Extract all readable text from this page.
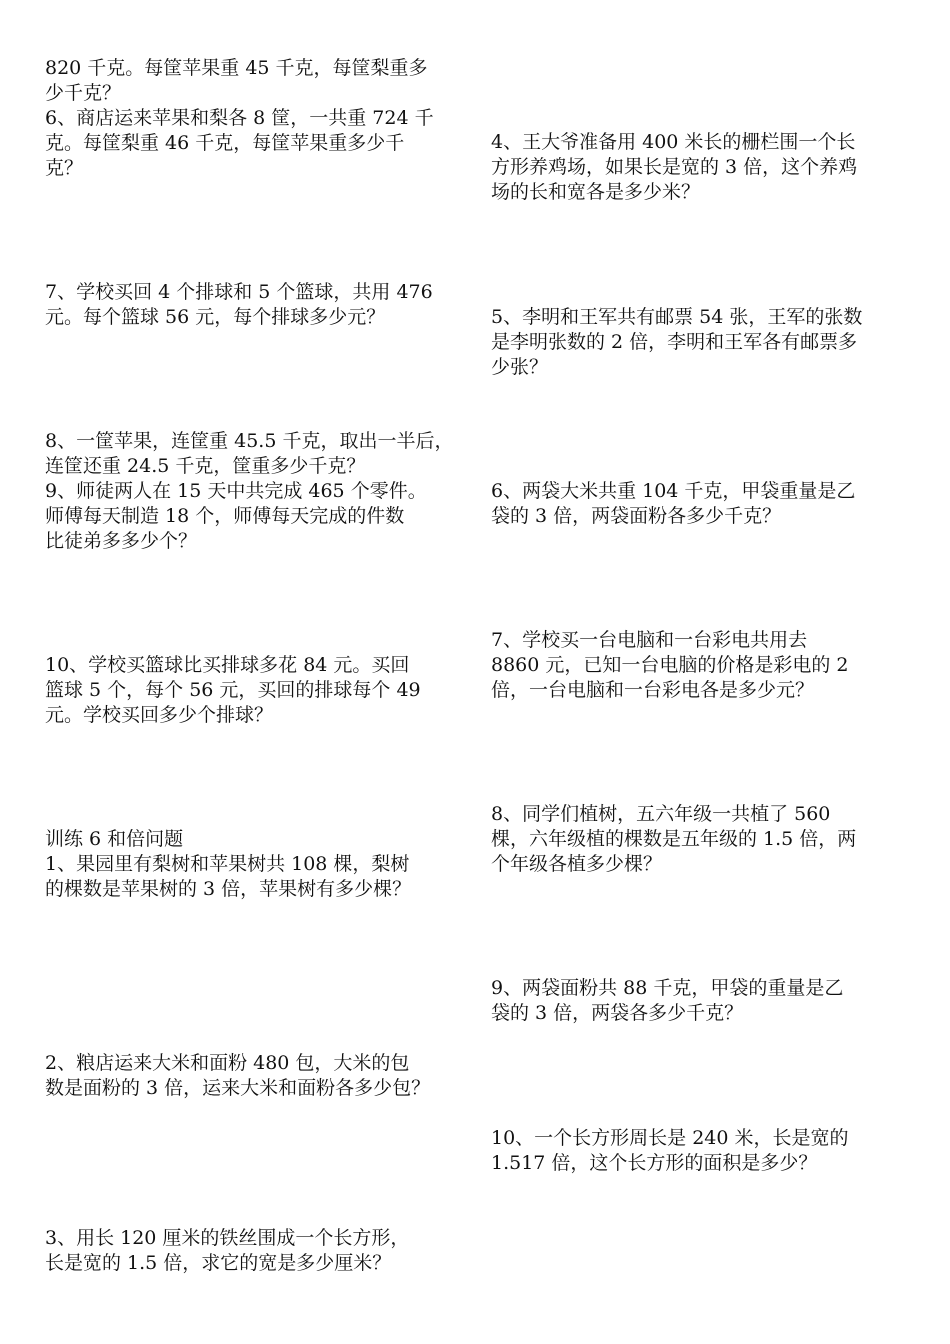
820 千克。每筐苹果重 45 千克，每筐梨重多
少千克？
6、商店运来苹果和梨各 8 筐，一共重 724 千
克。每筐梨重 46 千克，每筐苹果重多少千
克？
7、学校买回 4 个排球和 5 个篮球，共用 476
元。每个篮球 56 元，每个排球多少元？
8、一筐苹果，连筐重 45.5 千克，取出一半后，
连筐还重 24.5 千克，筐重多少千克？
9、师徒两人在 15 天中共完成 465 个零件。
师傅每天制造 18 个，师傅每天完成的件数
比徒弟多多少个？
10、学校买篮球比买排球多花 84 元。买回
篮球 5 个，每个 56 元，买回的排球每个 49
元。学校买回多少个排球？
训练 6 和倍问题
1、果园里有梨树和苹果树共 108 棵，梨树
的棵数是苹果树的 3 倍，苹果树有多少棵？
2、粮店运来大米和面粉 480 包，大米的包
数是面粉的 3 倍，运来大米和面粉各多少包？
3、用长 120 厘米的铁丝围成一个长方形，
长是宽的 1.5 倍，求它的宽是多少厘米？
4、王大爷准备用 400 米长的栅栏围一个长
方形养鸡场，如果长是宽的 3 倍，这个养鸡
场的长和宽各是多少米？
5、李明和王军共有邮票 54 张，王军的张数
是李明张数的 2 倍，李明和王军各有邮票多
少张？
6、两袋大米共重 104 千克，甲袋重量是乙
袋的 3 倍，两袋面粉各多少千克？
7、学校买一台电脑和一台彩电共用去
8860 元，已知一台电脑的价格是彩电的 2
倍，一台电脑和一台彩电各是多少元？
8、同学们植树，五六年级一共植了 560
棵，六年级植的棵数是五年级的 1.5 倍，两
个年级各植多少棵？
9、两袋面粉共 88 千克，甲袋的重量是乙
袋的 3 倍，两袋各多少千克？
10、一个长方形周长是 240 米，长是宽的
1.517 倍，这个长方形的面积是多少？
